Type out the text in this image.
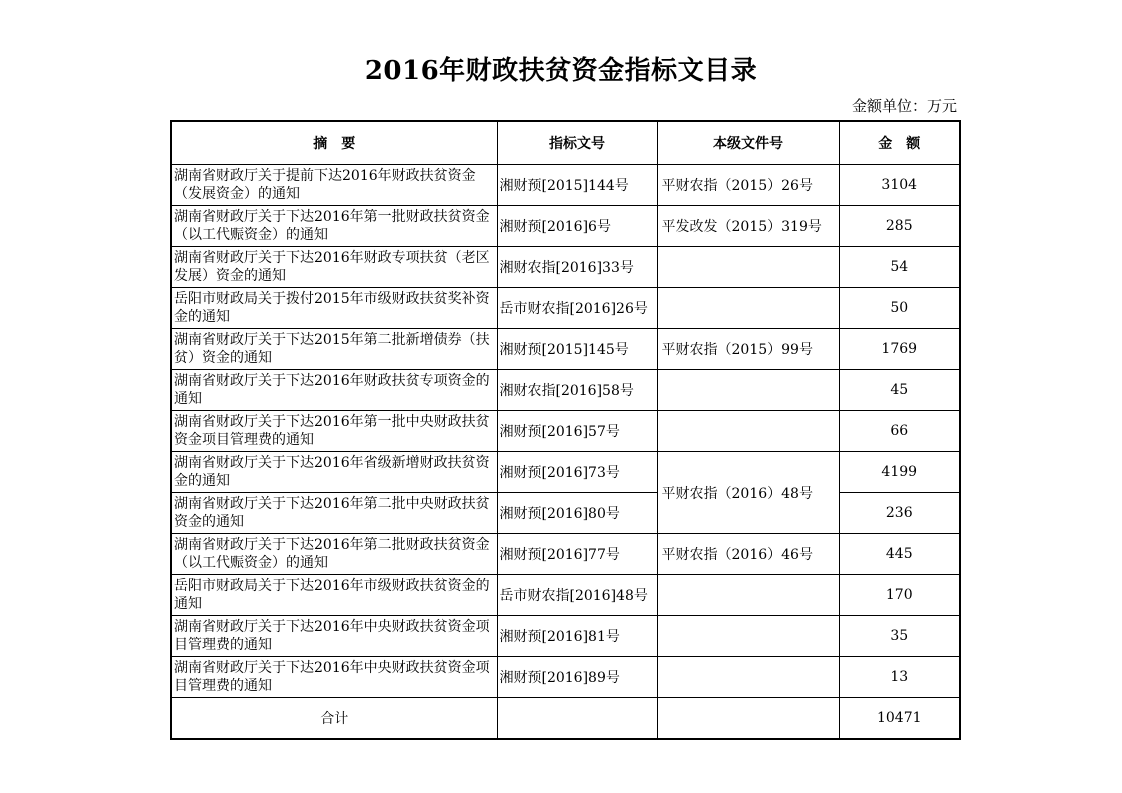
2016年财政扶贫资金指标文目录
金额单位：万元
摘　要	指标文号	本级文件号	金　额
湖南省财政厅关于提前下达2016年财政扶贫资金（发展资金）的通知	湘财预[2015]144号	平财农指（2015）26号	3104
湖南省财政厅关于下达2016年第一批财政扶贫资金（以工代赈资金）的通知	湘财预[2016]6号	平发改发（2015）319号	285
湖南省财政厅关于下达2016年财政专项扶贫（老区发展）资金的通知	湘财农指[2016]33号		54
岳阳市财政局关于拨付2015年市级财政扶贫奖补资金的通知	岳市财农指[2016]26号		50
湖南省财政厅关于下达2015年第二批新增债券（扶贫）资金的通知	湘财预[2015]145号	平财农指（2015）99号	1769
湖南省财政厅关于下达2016年财政扶贫专项资金的通知	湘财农指[2016]58号		45
湖南省财政厅关于下达2016年第一批中央财政扶贫资金项目管理费的通知	湘财预[2016]57号		66
湖南省财政厅关于下达2016年省级新增财政扶贫资金的通知	湘财预[2016]73号	平财农指（2016）48号	4199
湖南省财政厅关于下达2016年第二批中央财政扶贫资金的通知	湘财预[2016]80号		236
湖南省财政厅关于下达2016年第二批财政扶贫资金（以工代赈资金）的通知	湘财预[2016]77号	平财农指（2016）46号	445
岳阳市财政局关于下达2016年市级财政扶贫资金的通知	岳市财农指[2016]48号		170
湖南省财政厅关于下达2016年中央财政扶贫资金项目管理费的通知	湘财预[2016]81号		35
湖南省财政厅关于下达2016年中央财政扶贫资金项目管理费的通知	湘财预[2016]89号		13
合计			10471
